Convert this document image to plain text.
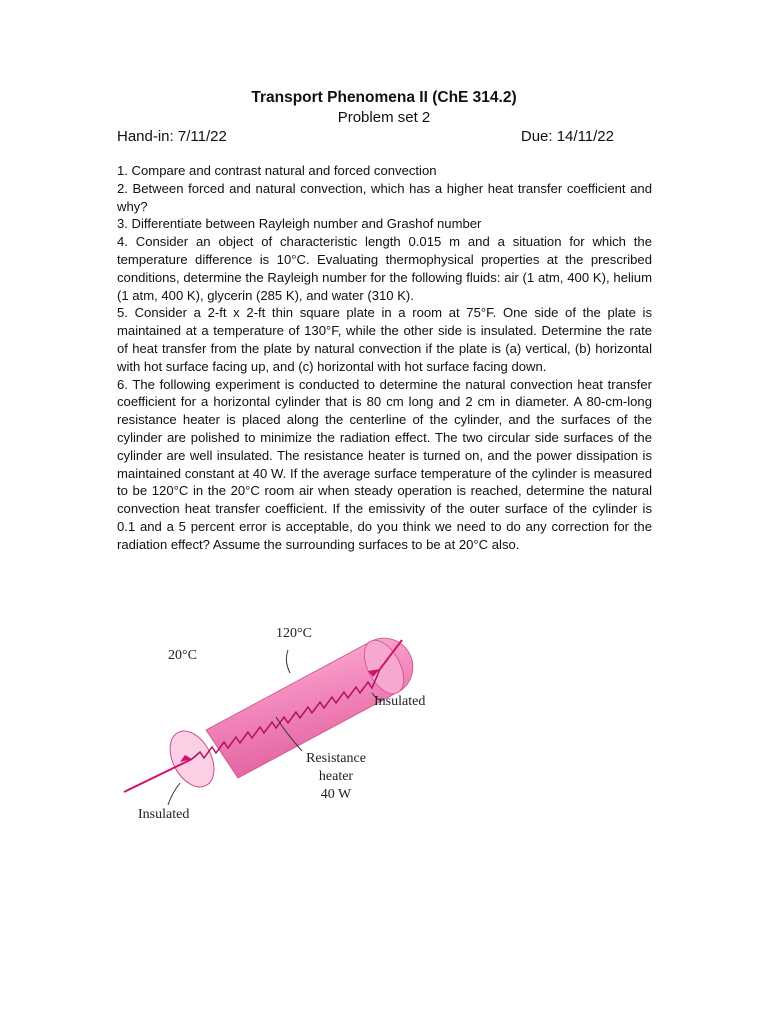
Transport Phenomena II (ChE 314.2)
Problem set 2
Hand-in: 7/11/22	Due: 14/11/22
1. Compare and contrast natural and forced convection
2. Between forced and natural convection, which has a higher heat transfer coefficient and why?
3. Differentiate between Rayleigh number and Grashof number
4. Consider an object of characteristic length 0.015 m and a situation for which the temperature difference is 10°C. Evaluating thermophysical properties at the prescribed conditions, determine the Rayleigh number for the following fluids: air (1 atm, 400 K), helium (1 atm, 400 K), glycerin (285 K), and water (310 K).
5. Consider a 2-ft x 2-ft thin square plate in a room at 75°F. One side of the plate is maintained at a temperature of 130°F, while the other side is insulated. Determine the rate of heat transfer from the plate by natural convection if the plate is (a) vertical, (b) horizontal with hot surface facing up, and (c) horizontal with hot surface facing down.
6. The following experiment is conducted to determine the natural convection heat transfer coefficient for a horizontal cylinder that is 80 cm long and 2 cm in diameter. A 80-cm-long resistance heater is placed along the centerline of the cylinder, and the surfaces of the cylinder are polished to minimize the radiation effect. The two circular side surfaces of the cylinder are well insulated. The resistance heater is turned on, and the power dissipation is maintained constant at 40 W. If the average surface temperature of the cylinder is measured to be 120°C in the 20°C room air when steady operation is reached, determine the natural convection heat transfer coefficient. If the emissivity of the outer surface of the cylinder is 0.1 and a 5 percent error is acceptable, do you think we need to do any correction for the radiation effect? Assume the surrounding surfaces to be at 20°C also.
20°C
120°C
Insulated
Resistance
heater
40 W
Insulated
